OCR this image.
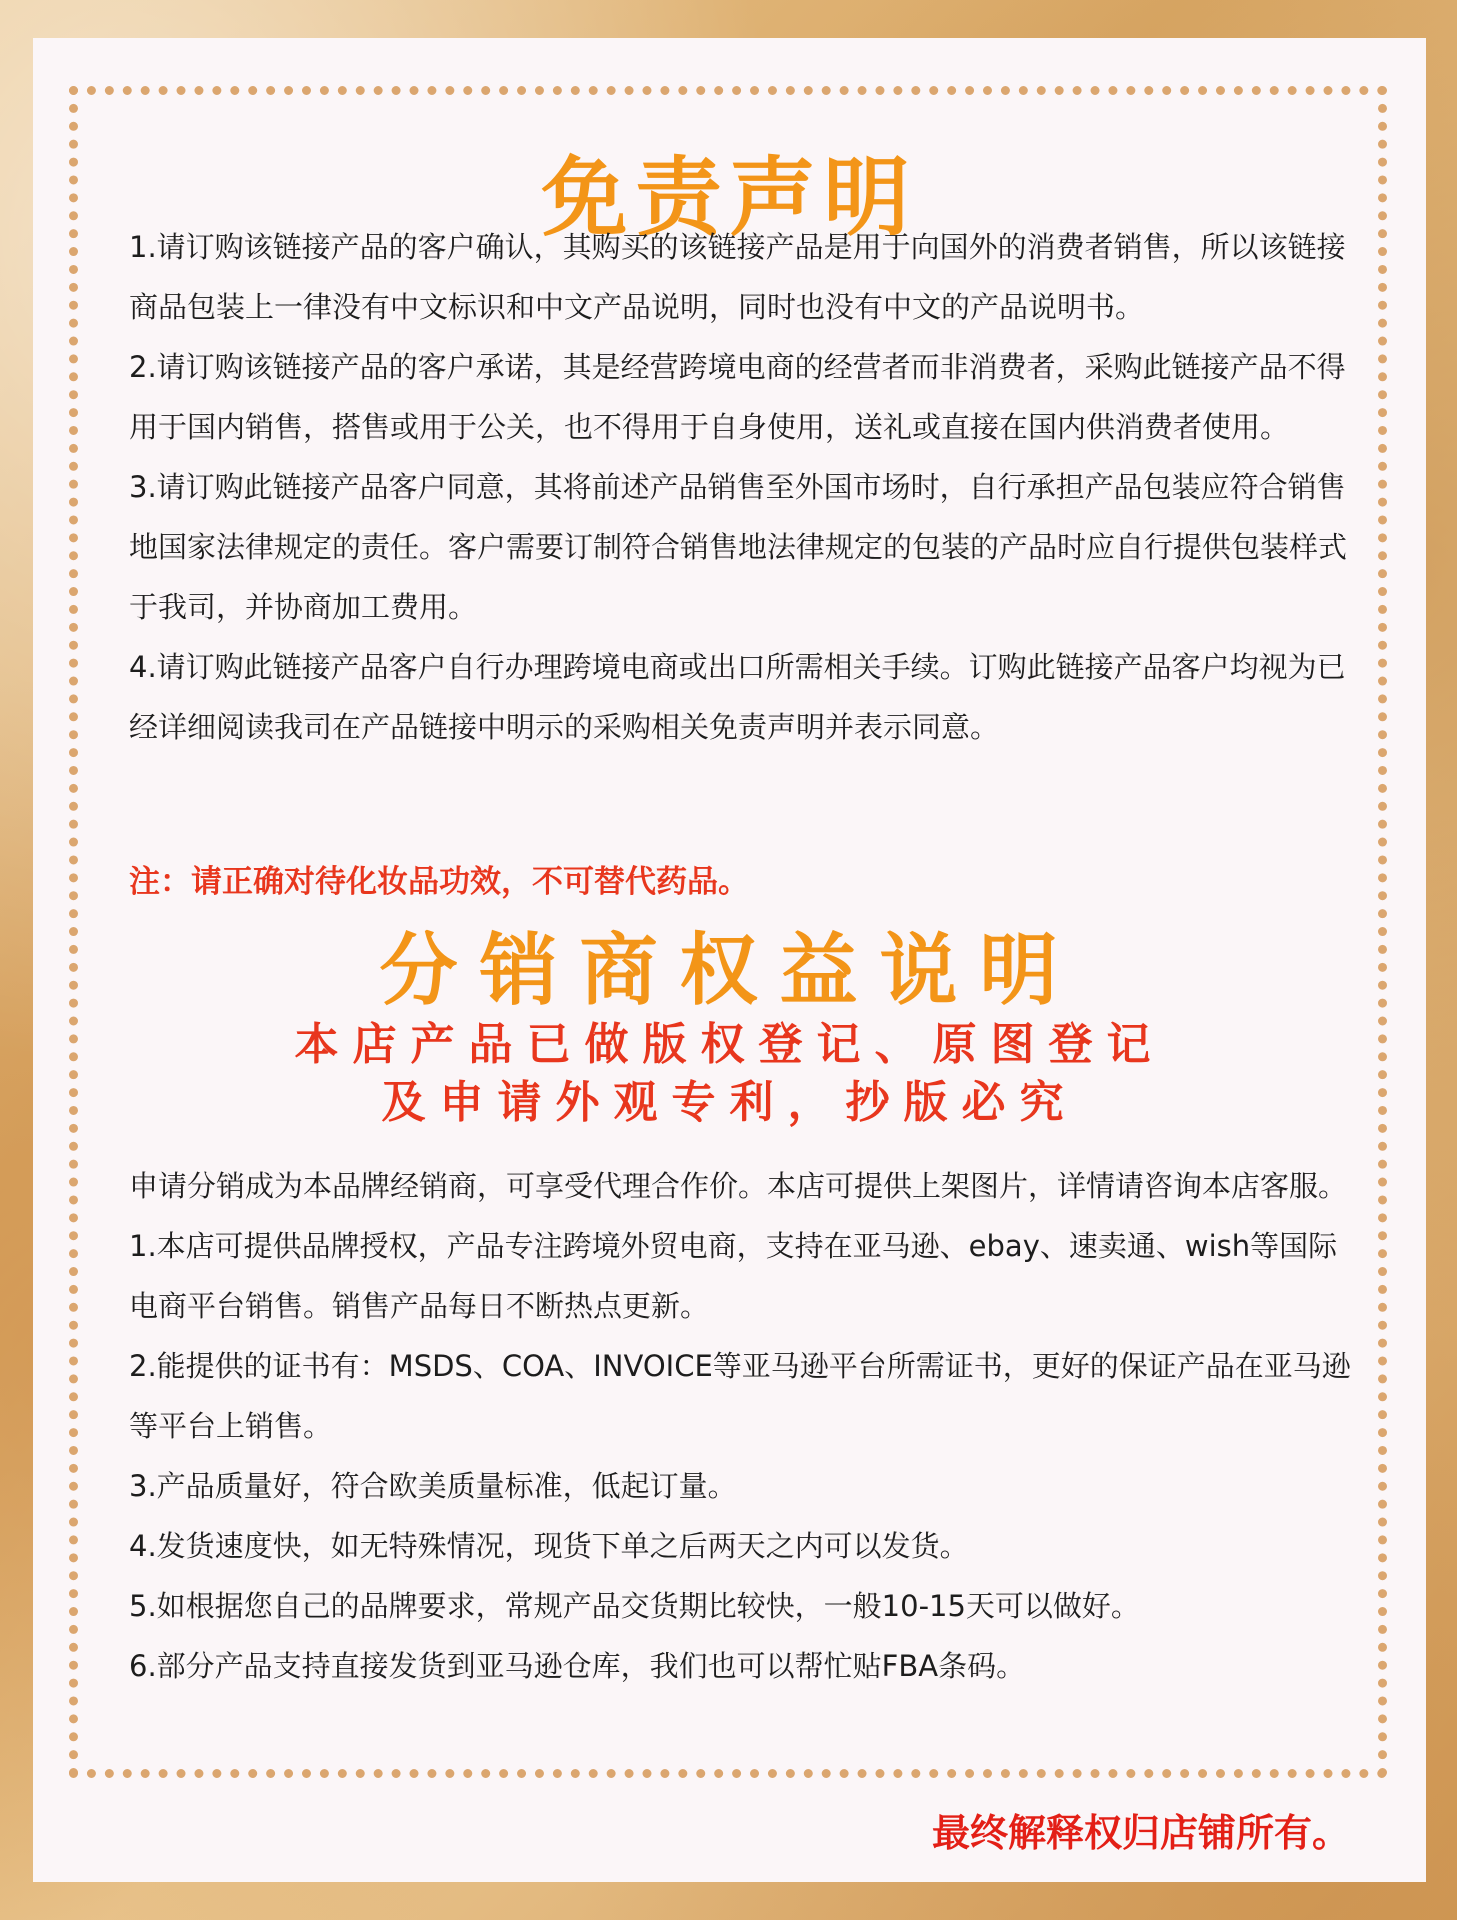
免责声明

1.请订购该链接产品的客户确认，其购买的该链接产品是用于向国外的消费者销售，所以该链接商品包装上一律没有中文标识和中文产品说明，同时也没有中文的产品说明书。

2.请订购该链接产品的客户承诺，其是经营跨境电商的经营者而非消费者，采购此链接产品不得用于国内销售，搭售或用于公关，也不得用于自身使用，送礼或直接在国内供消费者使用。

3.请订购此链接产品客户同意，其将前述产品销售至外国市场时，自行承担产品包装应符合销售地国家法律规定的责任。客户需要订制符合销售地法律规定的包装的产品时应自行提供包装样式于我司，并协商加工费用。

4.请订购此链接产品客户自行办理跨境电商或出口所需相关手续。订购此链接产品客户均视为已经详细阅读我司在产品链接中明示的采购相关免责声明并表示同意。

注：请正确对待化妆品功效，不可替代药品。

分销商权益说明

本店产品已做版权登记、原图登记

及申请外观专利，抄版必究

申请分销成为本品牌经销商，可享受代理合作价。本店可提供上架图片，详情请咨询本店客服。

1.本店可提供品牌授权，产品专注跨境外贸电商，支持在亚马逊、ebay、速卖通、wish等国际电商平台销售。销售产品每日不断热点更新。

2.能提供的证书有：MSDS、COA、INVOICE等亚马逊平台所需证书，更好的保证产品在亚马逊等平台上销售。

3.产品质量好，符合欧美质量标准，低起订量。

4.发货速度快，如无特殊情况，现货下单之后两天之内可以发货。

5.如根据您自己的品牌要求，常规产品交货期比较快，一般10-15天可以做好。

6.部分产品支持直接发货到亚马逊仓库，我们也可以帮忙贴FBA条码。

最终解释权归店铺所有。
